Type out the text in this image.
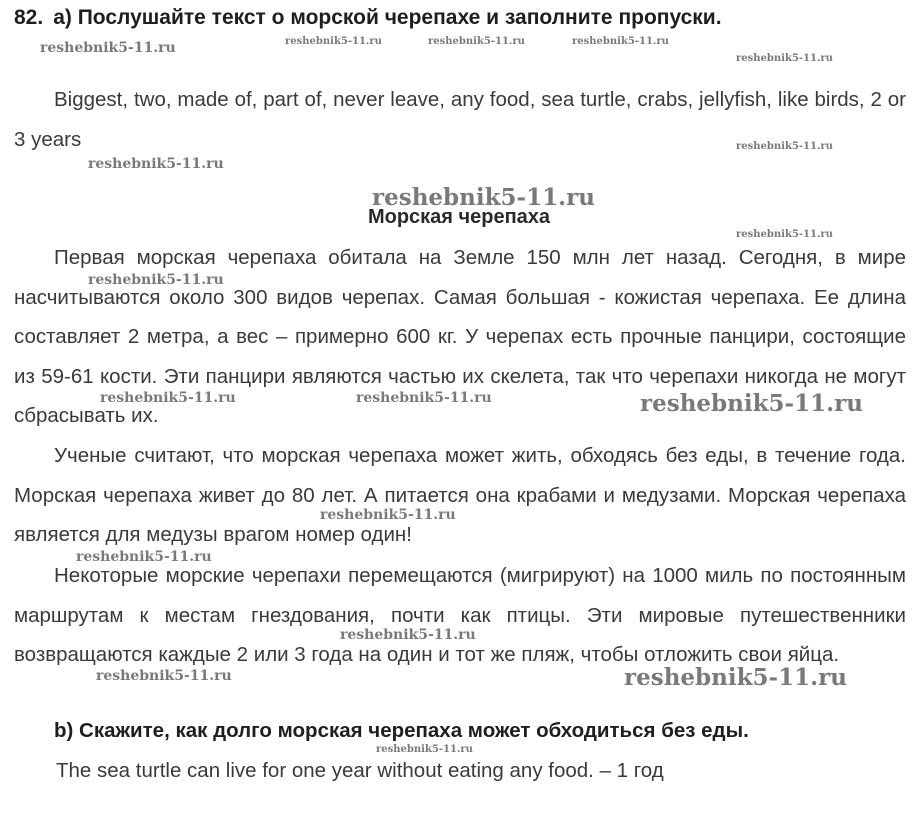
82. a) Послушайте текст о морской черепахе и заполните пропуски.

Biggest, two, made of, part of, never leave, any food, sea turtle, crabs, jellyfish, like birds, 2 or 3 years

Морская черепаха

Первая морская черепаха обитала на Земле 150 млн лет назад. Сегодня, в мире насчитываются около 300 видов черепах. Самая большая - кожистая черепаха. Ее длина составляет 2 метра, а вес – примерно 600 кг. У черепах есть прочные панцири, состоящие из 59-61 кости. Эти панцири являются частью их скелета, так что черепахи никогда не могут сбрасывать их.

Ученые считают, что морская черепаха может жить, обходясь без еды, в течение года. Морская черепаха живет до 80 лет. А питается она крабами и медузами. Морская черепаха является для медузы врагом номер один!

Некоторые морские черепахи перемещаются (мигрируют) на 1000 миль по постоянным маршрутам к местам гнездования, почти как птицы. Эти мировые путешественники возвращаются каждые 2 или 3 года на один и тот же пляж, чтобы отложить свои яйца.

b) Скажите, как долго морская черепаха может обходиться без еды.
The sea turtle can live for one year without eating any food. – 1 год
reshebnik5-11.ru	reshebnik5-11.ru	reshebnik5-11.ru	reshebnik5-11.ru
reshebnik5-11.ru
reshebnik5-11.ru
reshebnik5-11.ru
reshebnik5-11.ru
reshebnik5-11.ru
reshebnik5-11.ru
reshebnik5-11.ru	reshebnik5-11.ru	reshebnik5-11.ru
reshebnik5-11.ru
reshebnik5-11.ru
reshebnik5-11.ru
reshebnik5-11.ru	reshebnik5-11.ru
reshebnik5-11.ru
